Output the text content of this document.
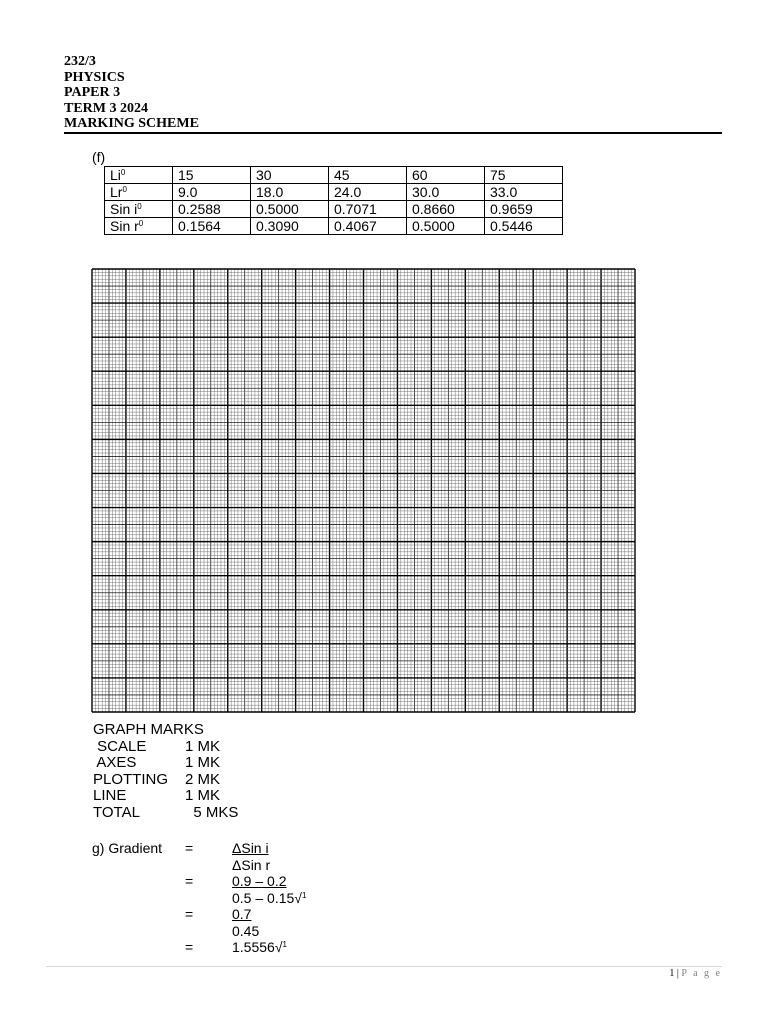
232/3
PHYSICS
PAPER 3
TERM 3 2024
MARKING SCHEME
(f)
Li$^0$	15	30	45	60	75
Lr$^0$	9.0	18.0	24.0	30.0	33.0
Sin $i^0$	0.2588	0.5000	0.7071	0.8660	0.9659
Sin $r^0$	0.1564	0.3090	0.4067	0.5000	0.5446
GRAPH MARKS
SCALE	1 MK
AXES	1 MK
PLOTTING	2 MK
LINE	1 MK
TOTAL	5 MKS
g) Gradient	=	ΔSin i
ΔSin r
=	0.9 – 0.2
0.5 – 0.15√$^1$
=	0.7
0.45
=	1.5556√$^1$
1 | P a g e
